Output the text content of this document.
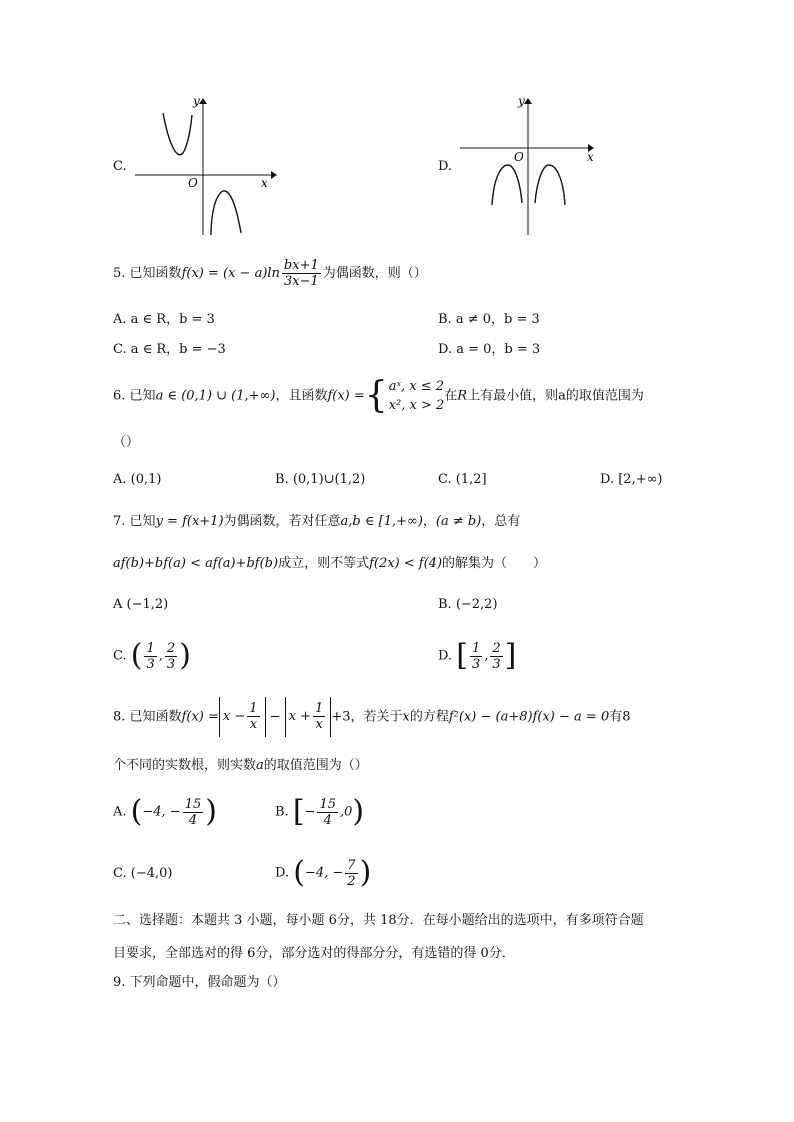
C.
x
y
O
D.
x
y
O
5. 已知函数$f(x) = (x - a)\ln \frac{bx+1}{3x-1}$ 为偶函数，则（）
A. a ∈ R，b = 3	B. a ≠ 0，b = 3
C. a ∈ R，b = −3	D. a = 0，b = 3
6. 已知a ∈ (0,1) ∪ (1,+∞)，且函数f(x) = { aˣ, x ≤ 2
x², x > 2
在R上有最小值，则a的取值范围为
（）
A. (0,1)	B. (0,1)∪(1,2)	C. (1,2]	D. [2,+∞)
7. 已知y = f(x+1)为偶函数，若对任意a,b ∈ [1,+∞)，(a ≠ b)，总有
af(b)+bf(a) < af(a)+bf(b)成立，则不等式f(2x) < f(4)的解集为（　　）
A (−1,2)	B. (−2,2)
C. ( $\frac{1}{3}$ , $\frac{2}{3}$ )	D. [ $\frac{1}{3}$ , $\frac{2}{3}$ ]
8. 已知函数$f(x) = x - \frac{1}{x} - x + \frac{1}{x} +3$，若关于x的方程f²(x) − (a+8)f(x) − a = 0有8
个不同的实数根，则实数a的取值范围为（）
A. (−4, − $\frac{15}{4}$ )	B. [− $\frac{15}{4} ,0$)
C. (−4,0)	D. (−4, − $\frac{7}{2}$ )
二、选择题：本题共 3 小题，每小题 6分，共 18分．在每小题给出的选项中，有多项符合题
目要求，全部选对的得 6分，部分选对的得部分分，有选错的得 0分．
9. 下列命题中，假命题为（）
